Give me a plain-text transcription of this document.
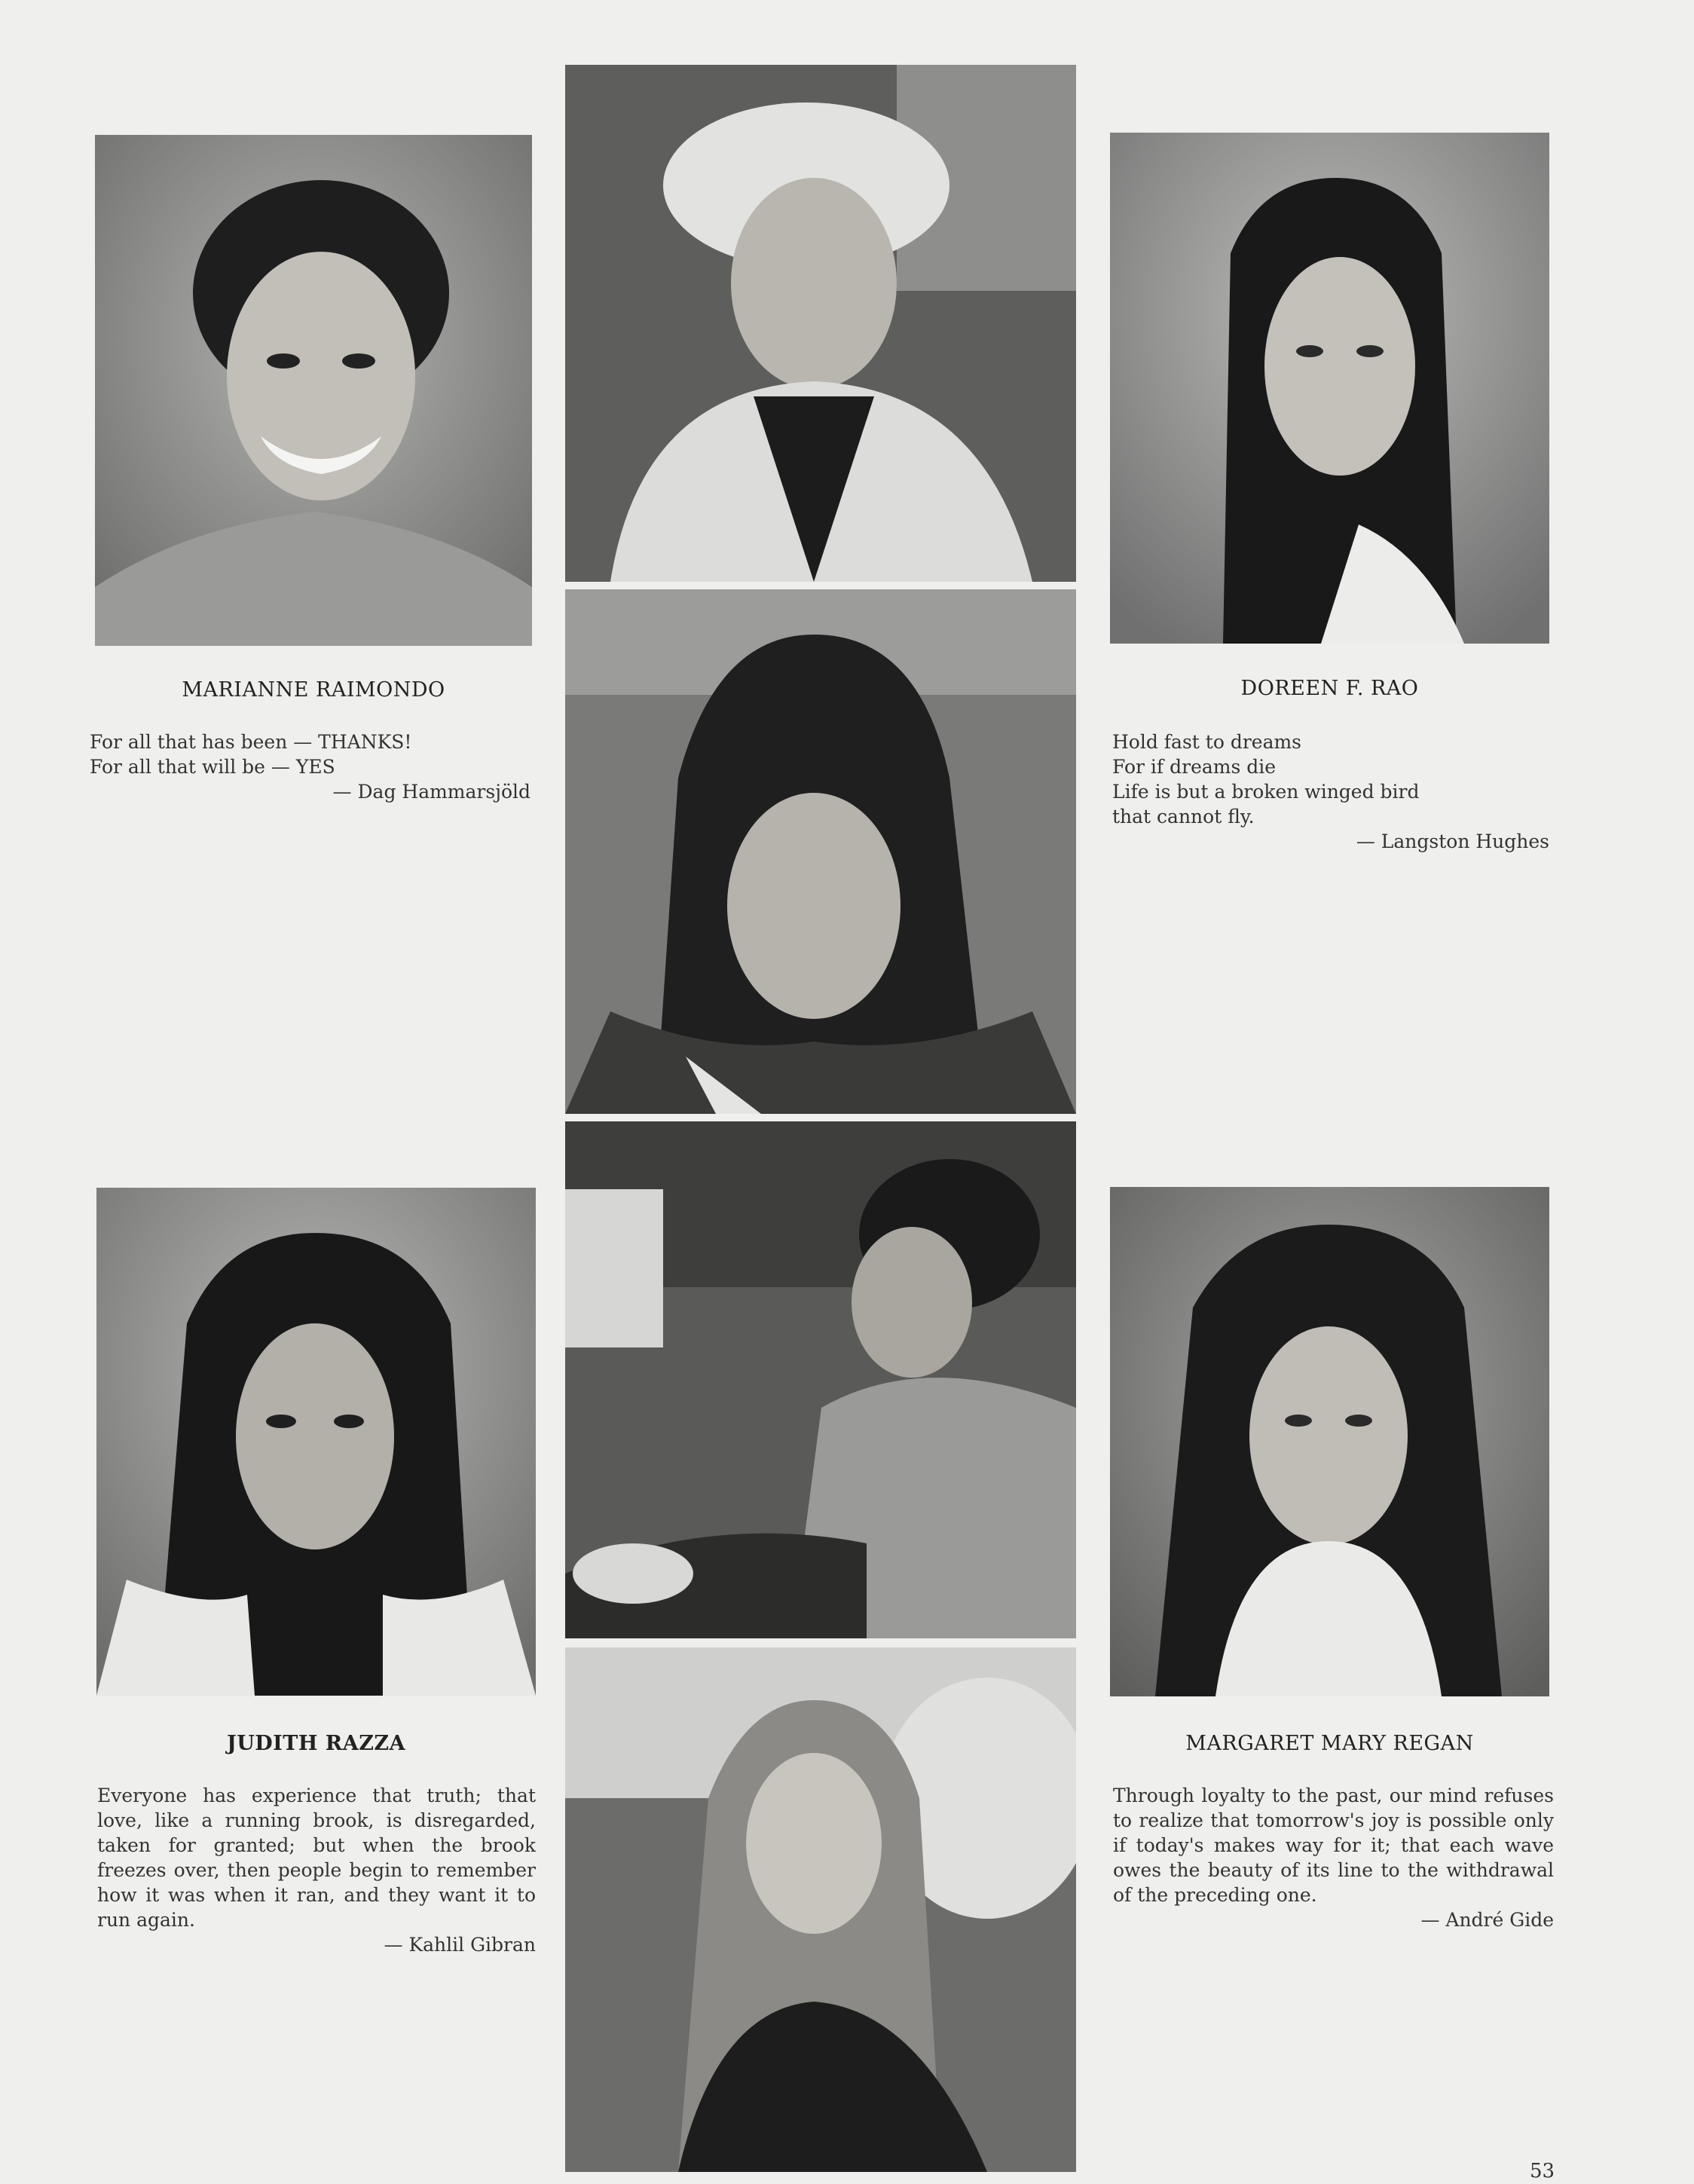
MARIANNE RAIMONDO

For all that has been — THANKS!

For all that will be — YES

— Dag Hammarsjöld

DOREEN F. RAO

Hold fast to dreams

For if dreams die

Life is but a broken winged bird

that cannot fly.

— Langston Hughes

JUDITH RAZZA

Everyone has experience that truth; that love, like a running brook, is disregarded, taken for granted; but when the brook freezes over, then people begin to remember how it was when it ran, and they want it to run again.

— Kahlil Gibran

MARGARET MARY REGAN

Through loyalty to the past, our mind refuses to realize that tomorrow's joy is possible only if today's makes way for it; that each wave owes the beauty of its line to the withdrawal of the preceding one.

— André Gide

53
